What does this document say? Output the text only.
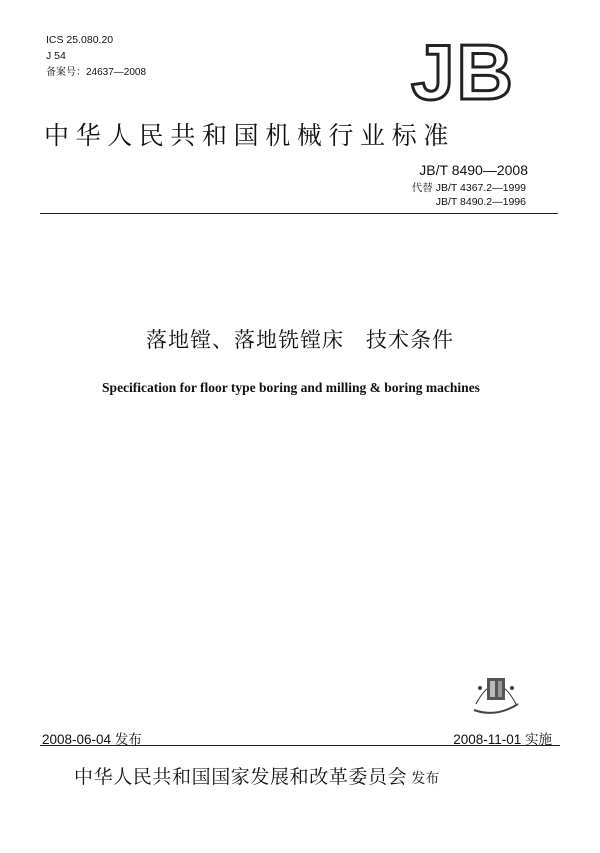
ICS 25.080.20
J 54
备案号：24637—2008	JB
中华人民共和国机械行业标准
JB/T 8490—2008
代替 JB/T 4367.2—1999
JB/T 8490.2—1996
落地镗、落地铣镗床 技术条件
Specification for floor type boring and milling & boring machines
2008-06-04 发布	2008-11-01 实施
中华人民共和国国家发展和改革委员会 发布
